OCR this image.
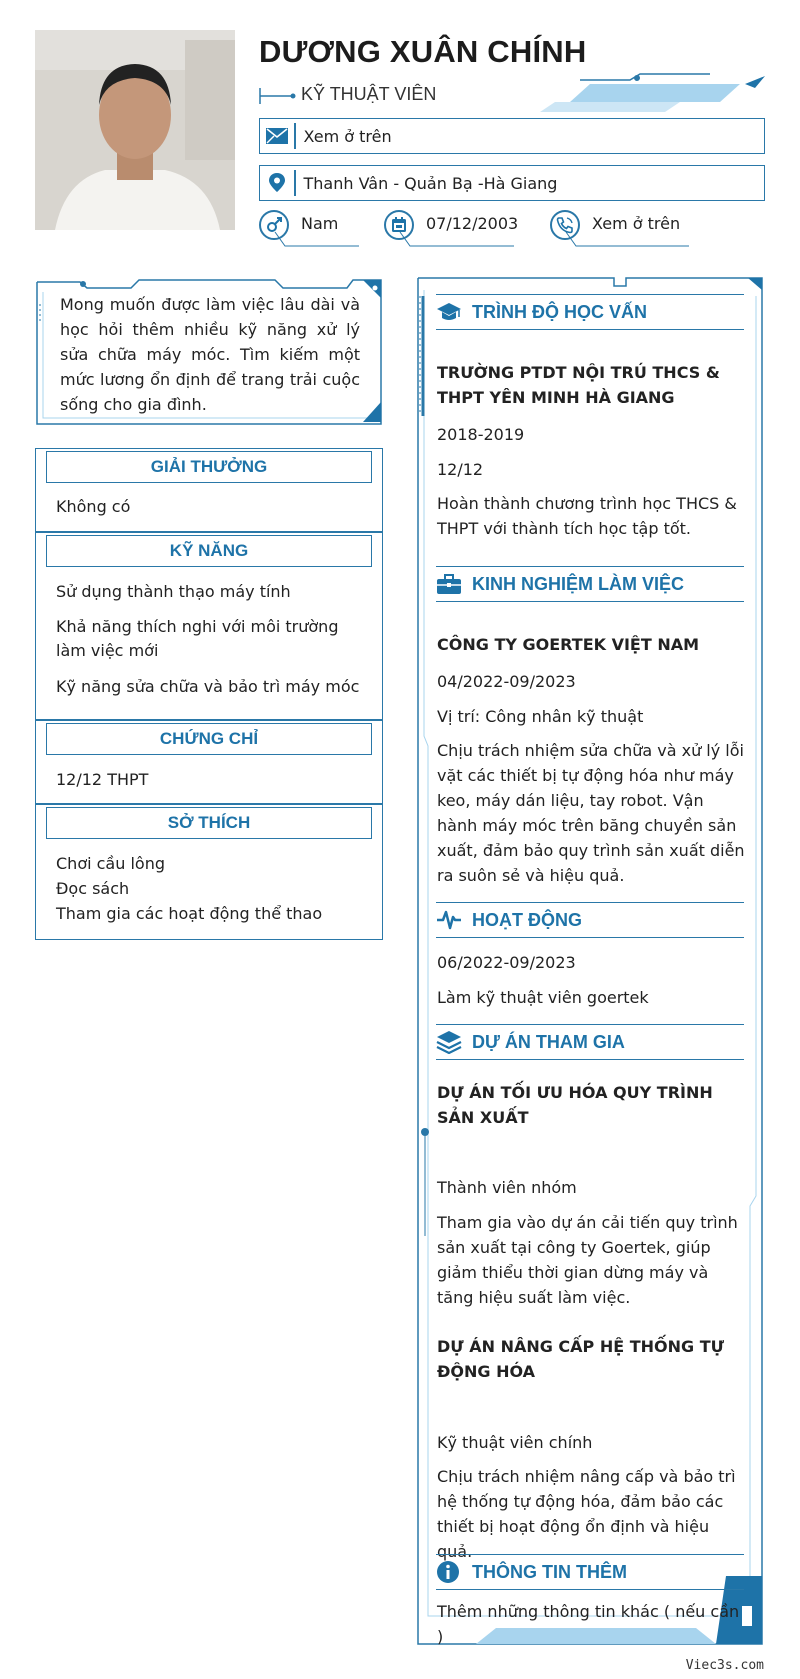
DƯƠNG XUÂN CHÍNH
KỸ THUẬT VIÊN
Xem ở trên
Thanh Vân - Quản Bạ -Hà Giang
Nam	07/12/2003	Xem ở trên
Mong muốn được làm việc lâu dài và học hỏi thêm nhiều kỹ năng xử lý sửa chữa máy móc. Tìm kiếm một mức lương ổn định để trang trải cuộc sống cho gia đình.
GIẢI THƯỞNG
Không có
KỸ NĂNG
Sử dụng thành thạo máy tính
Khả năng thích nghi với môi trường làm việc mới
Kỹ năng sửa chữa và bảo trì máy móc
CHỨNG CHỈ
12/12 THPT
SỞ THÍCH
Chơi cầu lông
Đọc sách
Tham gia các hoạt động thể thao
TRÌNH ĐỘ HỌC VẤN
TRƯỜNG PTDT NỘI TRÚ THCS & THPT YÊN MINH HÀ GIANG
2018-2019
12/12
Hoàn thành chương trình học THCS & THPT với thành tích học tập tốt.
KINH NGHIỆM LÀM VIỆC
CÔNG TY GOERTEK VIỆT NAM
04/2022-09/2023
Vị trí: Công nhân kỹ thuật
Chịu trách nhiệm sửa chữa và xử lý lỗi vặt các thiết bị tự động hóa như máy keo, máy dán liệu, tay robot. Vận hành máy móc trên băng chuyền sản xuất, đảm bảo quy trình sản xuất diễn ra suôn sẻ và hiệu quả.
HOẠT ĐỘNG
06/2022-09/2023
Làm kỹ thuật viên goertek
DỰ ÁN THAM GIA
DỰ ÁN TỐI ƯU HÓA QUY TRÌNH SẢN XUẤT
Thành viên nhóm
Tham gia vào dự án cải tiến quy trình sản xuất tại công ty Goertek, giúp giảm thiểu thời gian dừng máy và tăng hiệu suất làm việc.
DỰ ÁN NÂNG CẤP HỆ THỐNG TỰ ĐỘNG HÓA
Kỹ thuật viên chính
Chịu trách nhiệm nâng cấp và bảo trì hệ thống tự động hóa, đảm bảo các thiết bị hoạt động ổn định và hiệu quả.
THÔNG TIN THÊM
Thêm những thông tin khác ( nếu cần )
Viec3s.com
